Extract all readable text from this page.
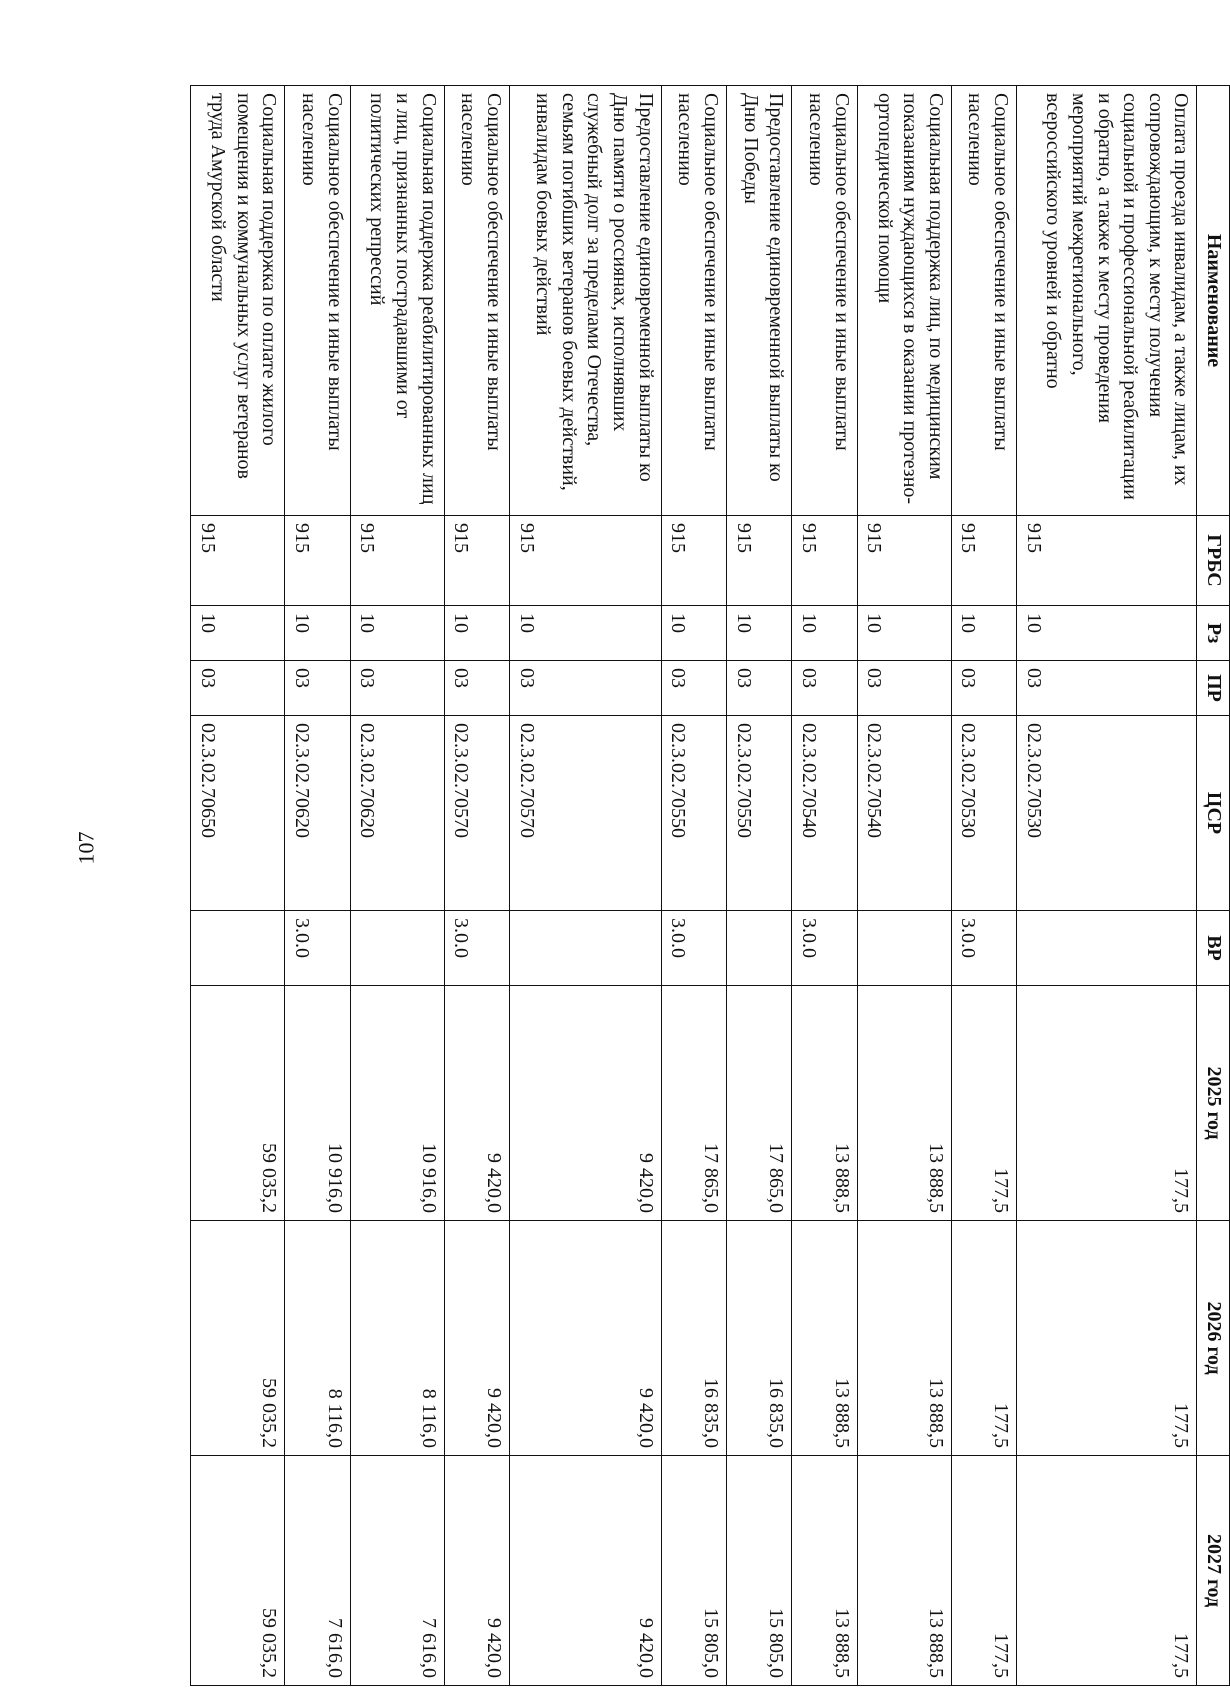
107
Наименование	ГРБС	Рз	ПР	ЦСР	ВР	2025 год	2026 год	2027 год
Оплата проезда инвалидам, а также лицам, их сопровождающим, к месту получения социальной и профессиональной реабилитации и обратно, а также к месту проведения мероприятий межрегионального, всероссийского уровней и обратно	915	10	03	02.3.02.70530		177,5	177,5	177,5
Социальное обеспечение и иные выплаты населению	915	10	03	02.3.02.70530	3.0.0	177,5	177,5	177,5
Социальная поддержка лиц, по медицинским показаниям нуждающихся в оказании протезно-ортопедической помощи	915	10	03	02.3.02.70540		13 888,5	13 888,5	13 888,5
Социальное обеспечение и иные выплаты населению	915	10	03	02.3.02.70540	3.0.0	13 888,5	13 888,5	13 888,5
Предоставление единовременной выплаты ко Дню Победы	915	10	03	02.3.02.70550		17 865,0	16 835,0	15 805,0
Социальное обеспечение и иные выплаты населению	915	10	03	02.3.02.70550	3.0.0	17 865,0	16 835,0	15 805,0
Предоставление единовременной выплаты ко Дню памяти о россиянах, исполнявших служебный долг за пределами Отечества, семьям погибших ветеранов боевых действий, инвалидам боевых действий	915	10	03	02.3.02.70570		9 420,0	9 420,0	9 420,0
Социальное обеспечение и иные выплаты населению	915	10	03	02.3.02.70570	3.0.0	9 420,0	9 420,0	9 420,0
Социальная поддержка реабилитированных лиц и лиц, признанных пострадавшими от политических репрессий	915	10	03	02.3.02.70620		10 916,0	8 116,0	7 616,0
Социальное обеспечение и иные выплаты населению	915	10	03	02.3.02.70620	3.0.0	10 916,0	8 116,0	7 616,0
Социальная поддержка по оплате жилого помещения и коммунальных услуг ветеранов труда Амурской области	915	10	03	02.3.02.70650		59 035,2	59 035,2	59 035,2
